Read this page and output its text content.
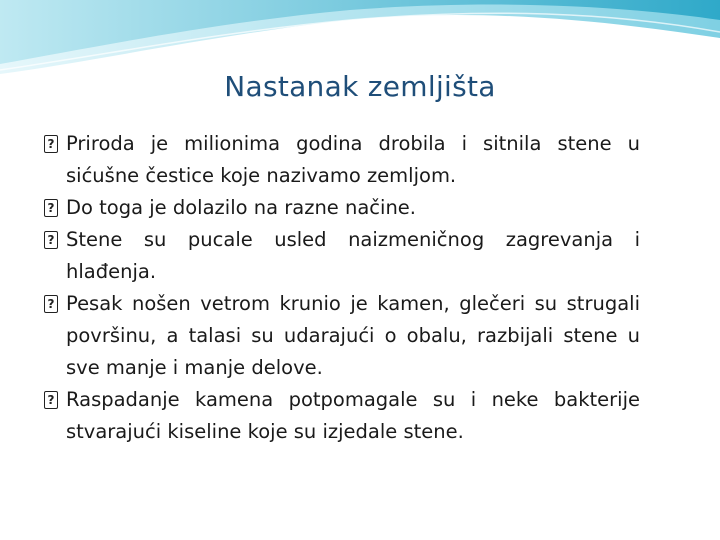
Nastanak zemljišta
?
Priroda je milionima godina drobila i sitnila stene u sićušne čestice koje nazivamo zemljom.
?
Do toga je dolazilo na razne načine.
?
Stene su pucale usled naizmeničnog zagrevanja i hlađenja.
?
Pesak nošen vetrom krunio je kamen, glečeri su strugali površinu, a talasi su udarajući o obalu, razbijali stene u sve manje i manje delove.
?
Raspadanje kamena potpomagale su i neke bakterije stvarajući kiseline koje su izjedale stene.
